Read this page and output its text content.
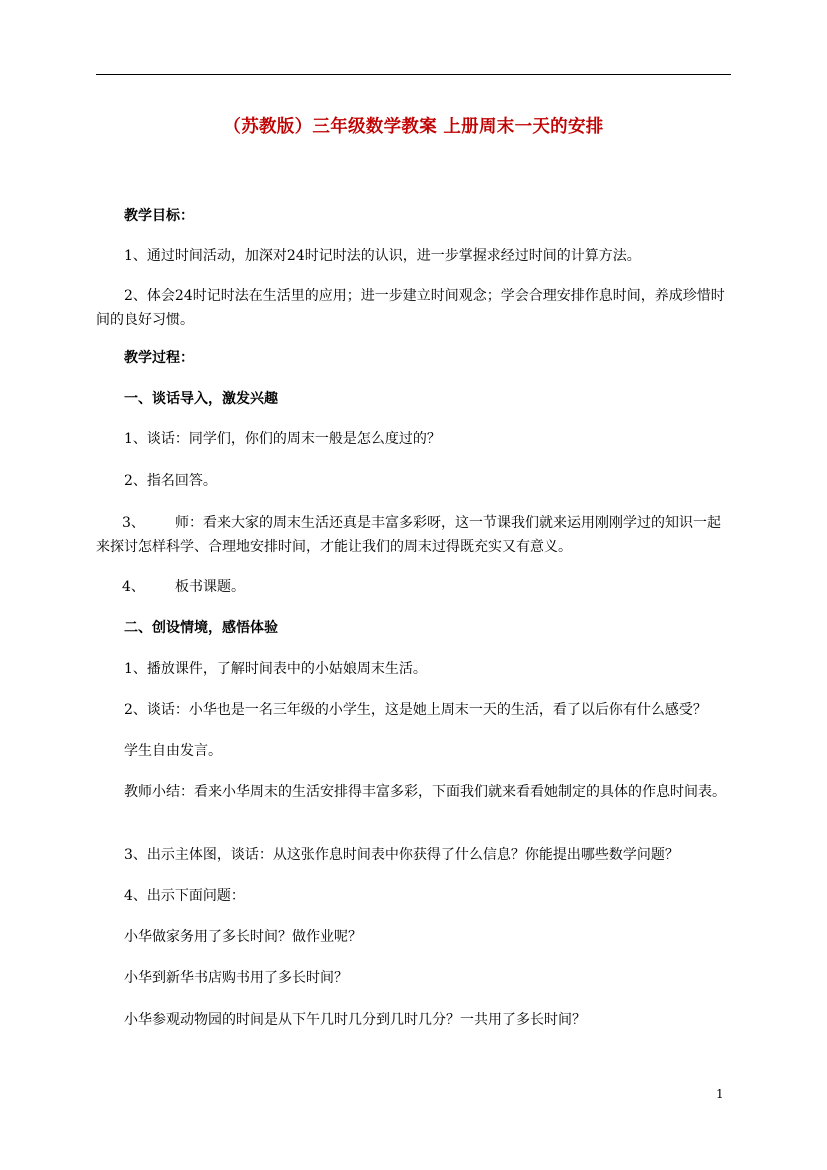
（苏教版）三年级数学教案 上册周末一天的安排
教学目标：
1、通过时间活动，加深对24时记时法的认识，进一步掌握求经过时间的计算方法。
2、体会24时记时法在生活里的应用；进一步建立时间观念；学会合理安排作息时间，养成珍惜时间的良好习惯。
教学过程：
一、谈话导入，激发兴趣
1、谈话：同学们，你们的周末一般是怎么度过的？
2、指名回答。
3、	师：看来大家的周末生活还真是丰富多彩呀，这一节课我们就来运用刚刚学过的知识一起来探讨怎样科学、合理地安排时间，才能让我们的周末过得既充实又有意义。
4、	板书课题。
二、创设情境，感悟体验
1、播放课件，了解时间表中的小姑娘周末生活。
2、谈话：小华也是一名三年级的小学生，这是她上周末一天的生活，看了以后你有什么感受？
学生自由发言。
教师小结：看来小华周末的生活安排得丰富多彩，下面我们就来看看她制定的具体的作息时间表。
3、出示主体图，谈话：从这张作息时间表中你获得了什么信息？你能提出哪些数学问题？
4、出示下面问题：
小华做家务用了多长时间？做作业呢？
小华到新华书店购书用了多长时间？
小华参观动物园的时间是从下午几时几分到几时几分？一共用了多长时间？
1
